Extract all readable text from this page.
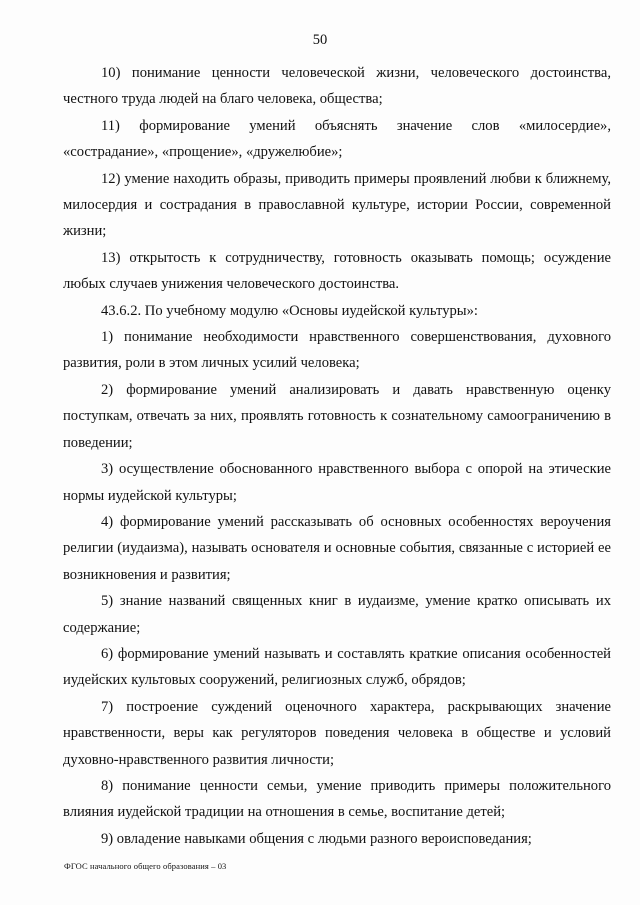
50

10) понимание ценности человеческой жизни, человеческого достоинства, честного труда людей на благо человека, общества;

11) формирование умений объяснять значение слов «милосердие», «сострадание», «прощение», «дружелюбие»;

12) умение находить образы, приводить примеры проявлений любви к ближнему, милосердия и сострадания в православной культуре, истории России, современной жизни;

13) открытость к сотрудничеству, готовность оказывать помощь; осуждение любых случаев унижения человеческого достоинства.

43.6.2. По учебному модулю «Основы иудейской культуры»:

1) понимание необходимости нравственного совершенствования, духовного развития, роли в этом личных усилий человека;

2) формирование умений анализировать и давать нравственную оценку поступкам, отвечать за них, проявлять готовность к сознательному самоограничению в поведении;

3) осуществление обоснованного нравственного выбора с опорой на этические нормы иудейской культуры;

4) формирование умений рассказывать об основных особенностях вероучения религии (иудаизма), называть основателя и основные события, связанные с историей ее возникновения и развития;

5) знание названий священных книг в иудаизме, умение кратко описывать их содержание;

6) формирование умений называть и составлять краткие описания особенностей иудейских культовых сооружений, религиозных служб, обрядов;

7) построение суждений оценочного характера, раскрывающих значение нравственности, веры как регуляторов поведения человека в обществе и условий духовно-нравственного развития личности;

8) понимание ценности семьи, умение приводить примеры положительного влияния иудейской традиции на отношения в семье, воспитание детей;

9) овладение навыками общения с людьми разного вероисповедания;

ФГОС начального общего образования – 03
